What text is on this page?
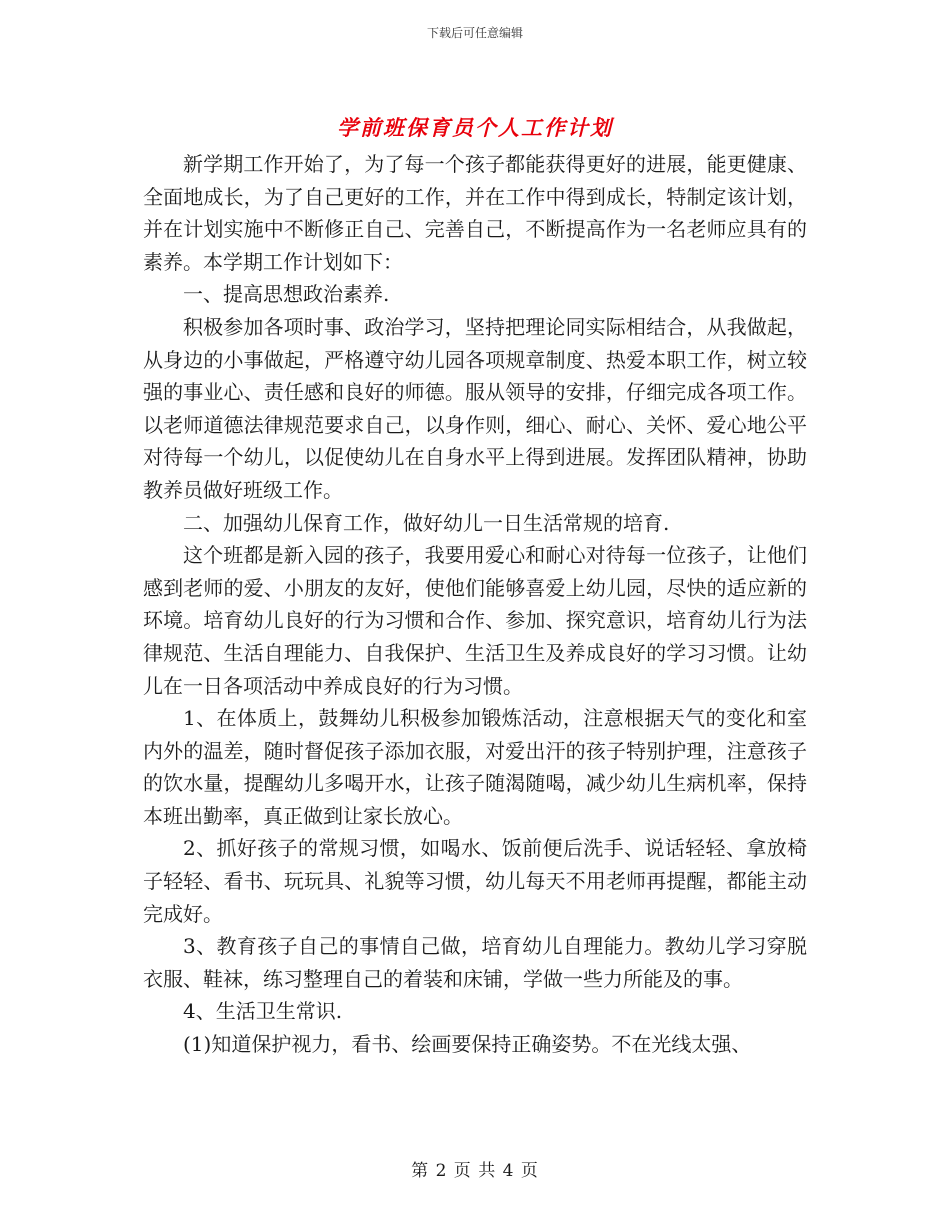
下载后可任意编辑
学前班保育员个人工作计划

新学期工作开始了，为了每一个孩子都能获得更好的进展，能更健康、全面地成长，为了自己更好的工作，并在工作中得到成长，特制定该计划，并在计划实施中不断修正自己、完善自己，不断提高作为一名老师应具有的素养。本学期工作计划如下：

一、提高思想政治素养.

积极参加各项时事、政治学习，坚持把理论同实际相结合，从我做起，从身边的小事做起，严格遵守幼儿园各项规章制度、热爱本职工作，树立较强的事业心、责任感和良好的师德。服从领导的安排，仔细完成各项工作。以老师道德法律规范要求自己，以身作则，细心、耐心、关怀、爱心地公平对待每一个幼儿，以促使幼儿在自身水平上得到进展。发挥团队精神，协助教养员做好班级工作。

二、加强幼儿保育工作，做好幼儿一日生活常规的培育.

这个班都是新入园的孩子，我要用爱心和耐心对待每一位孩子，让他们感到老师的爱、小朋友的友好，使他们能够喜爱上幼儿园，尽快的适应新的环境。培育幼儿良好的行为习惯和合作、参加、探究意识，培育幼儿行为法律规范、生活自理能力、自我保护、生活卫生及养成良好的学习习惯。让幼儿在一日各项活动中养成良好的行为习惯。

1、在体质上，鼓舞幼儿积极参加锻炼活动，注意根据天气的变化和室内外的温差，随时督促孩子添加衣服，对爱出汗的孩子特别护理，注意孩子的饮水量，提醒幼儿多喝开水，让孩子随渴随喝，减少幼儿生病机率，保持本班出勤率，真正做到让家长放心。

2、抓好孩子的常规习惯，如喝水、饭前便后洗手、说话轻轻、拿放椅子轻轻、看书、玩玩具、礼貌等习惯，幼儿每天不用老师再提醒，都能主动完成好。

3、教育孩子自己的事情自己做，培育幼儿自理能力。教幼儿学习穿脱衣服、鞋袜，练习整理自己的着装和床铺，学做一些力所能及的事。

4、生活卫生常识.

(1)知道保护视力，看书、绘画要保持正确姿势。不在光线太强、

第 2 页 共 4 页
